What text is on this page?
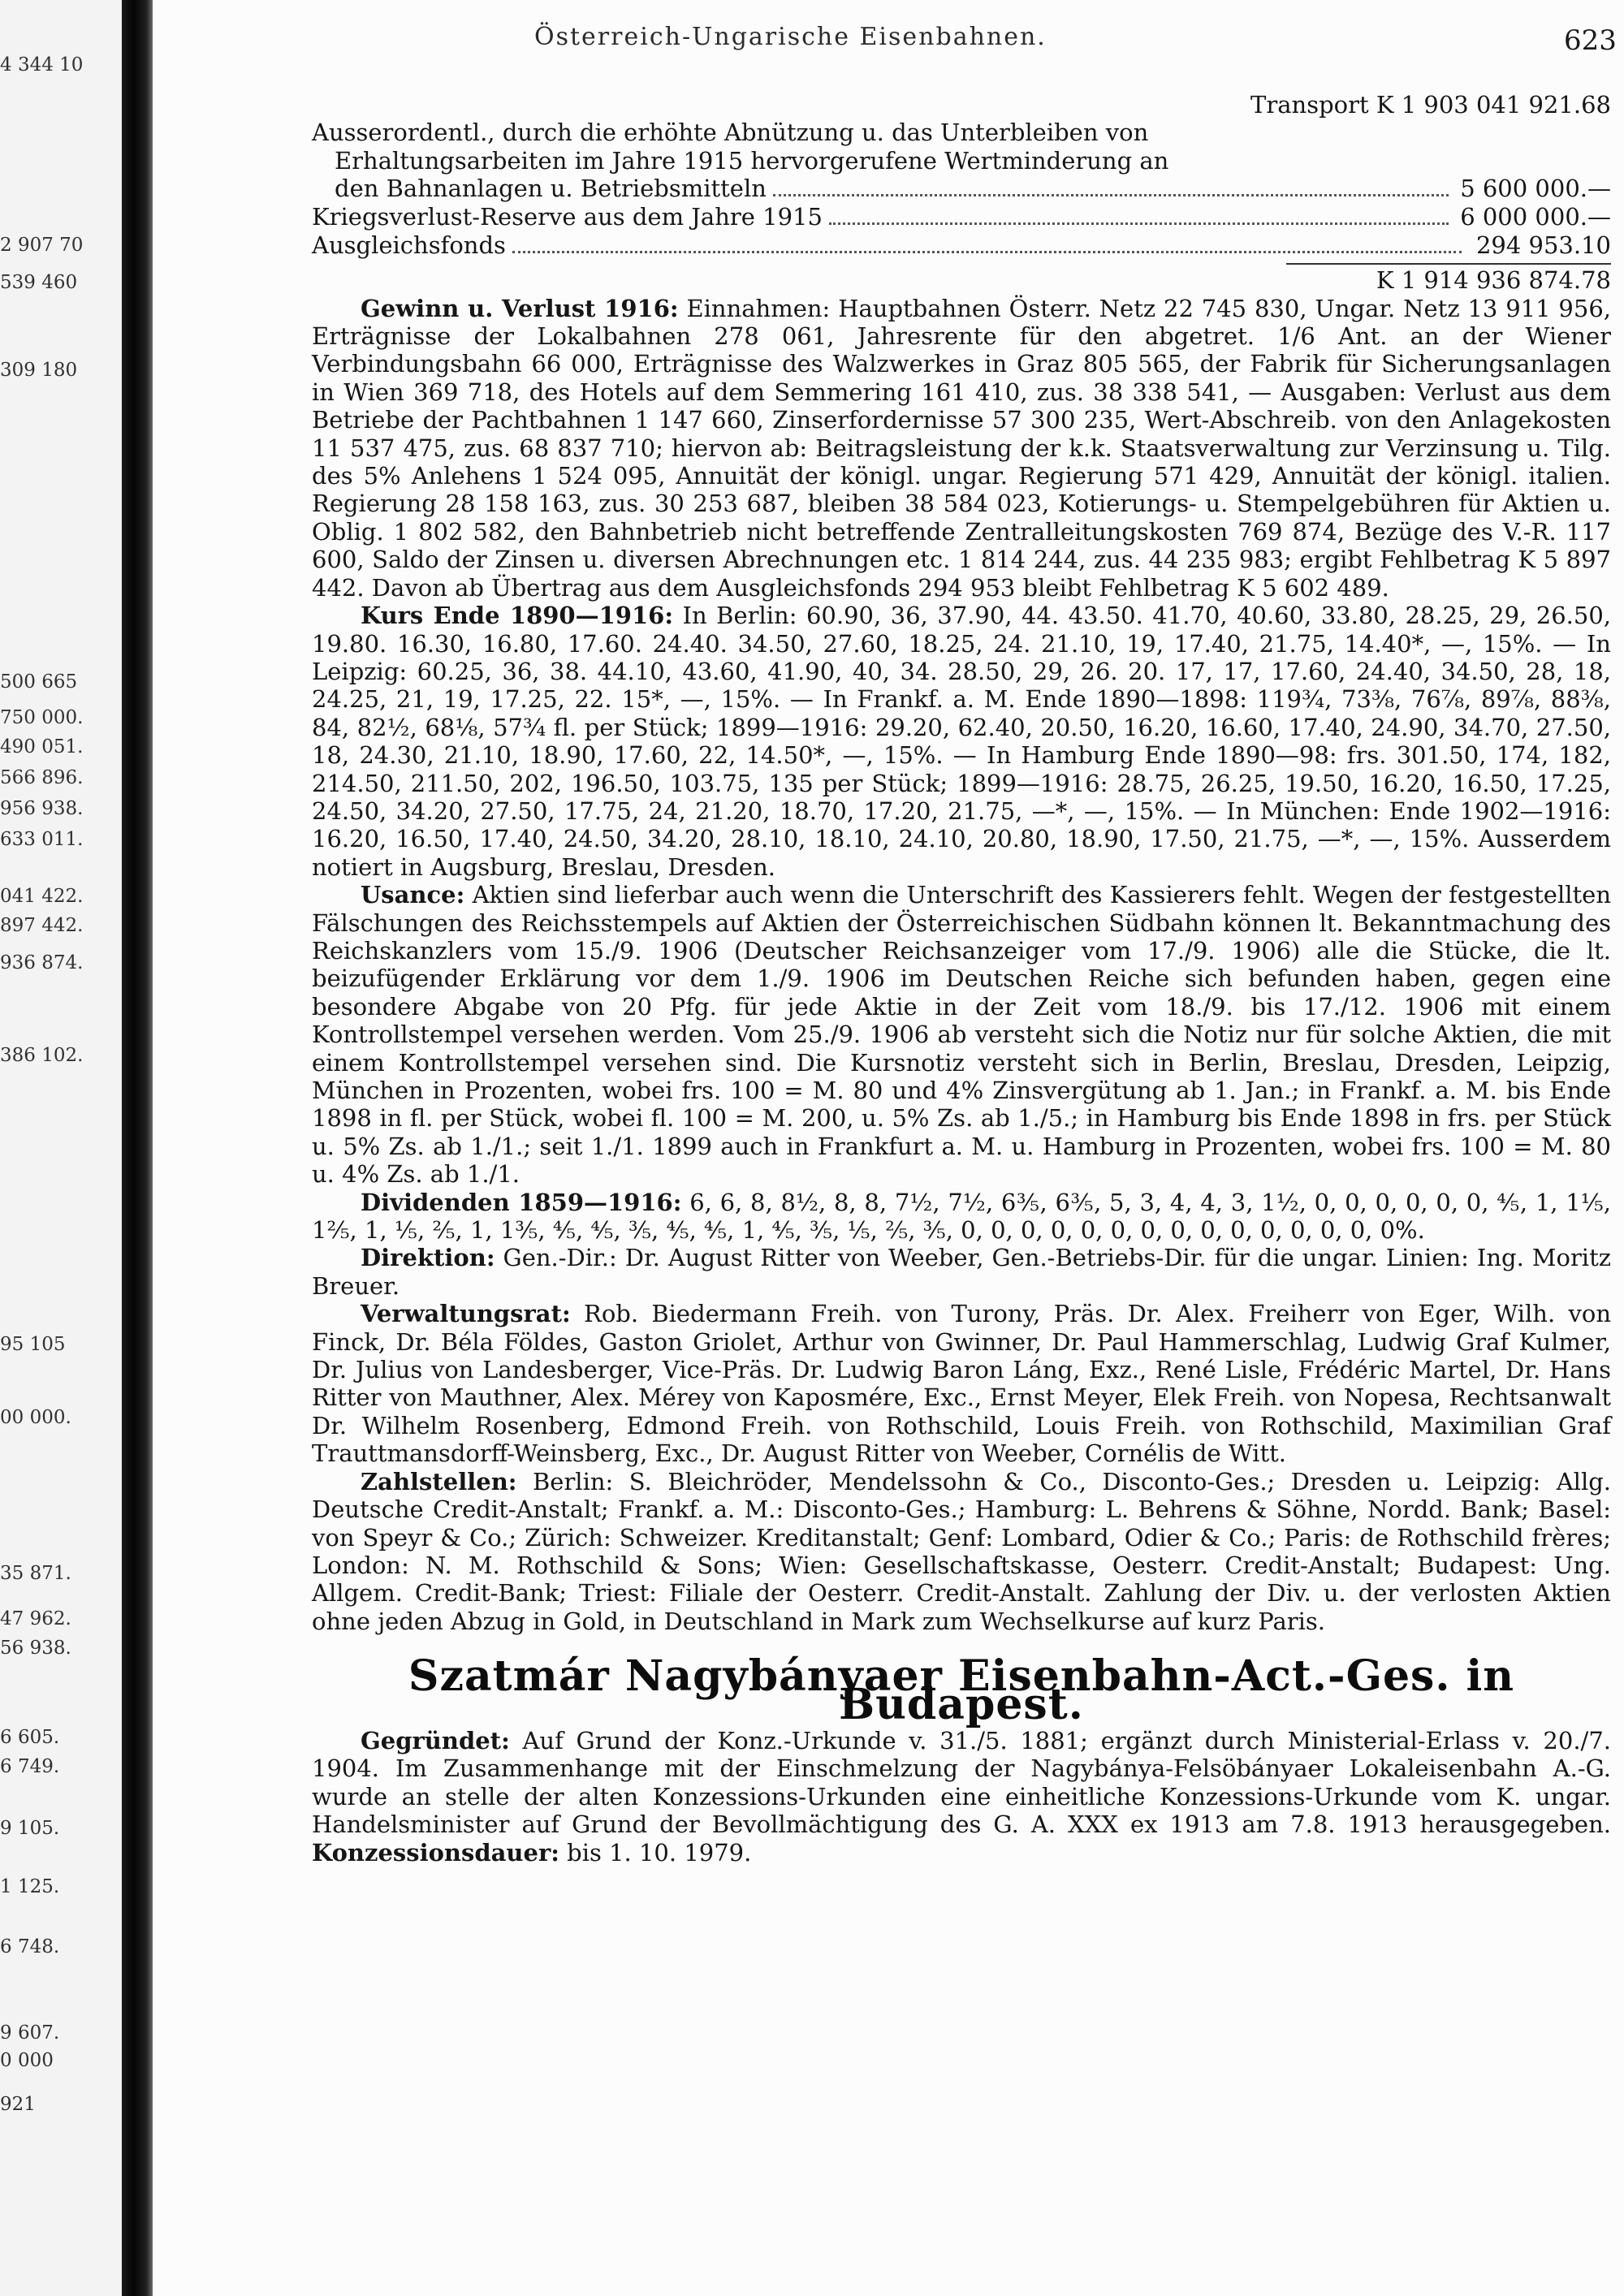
4 344 10
2 907 70
539 460
309 180
500 665
750 000.
490 051.
566 896.
956 938.
633 011.
041 422.
897 442.
936 874.
386 102.
95 105
00 000.
35 871.
47 962.
56 938.
6 605.
6 749.
9 105.
1 125.
6 748.
9 607.
0 000
921
Österreich-Ungarische Eisenbahnen.	623
Transport K 1 903 041 921.68
Ausserordentl., durch die erhöhte Abnützung u. das Unterbleiben von
Erhaltungsarbeiten im Jahre 1915 hervorgerufene Wertminderung an
den Bahnanlagen u. Betriebsmitteln	5 600 000.—
Kriegsverlust-Reserve aus dem Jahre 1915	6 000 000.—
Ausgleichsfonds	294 953.10
K 1 914 936 874.78

Gewinn u. Verlust 1916: Einnahmen: Hauptbahnen Österr. Netz 22 745 830, Ungar. Netz 13 911 956, Erträgnisse der Lokalbahnen 278 061, Jahresrente für den abgetret. 1/6 Ant. an der Wiener Verbindungsbahn 66 000, Erträgnisse des Walzwerkes in Graz 805 565, der Fabrik für Sicherungsanlagen in Wien 369 718, des Hotels auf dem Semmering 161 410, zus. 38 338 541, — Ausgaben: Verlust aus dem Betriebe der Pachtbahnen 1 147 660, Zinserfordernisse 57 300 235, Wert-Abschreib. von den Anlagekosten 11 537 475, zus. 68 837 710; hiervon ab: Beitragsleistung der k.k. Staatsverwaltung zur Verzinsung u. Tilg. des 5% Anlehens 1 524 095, Annuität der königl. ungar. Regierung 571 429, Annuität der königl. italien. Regierung 28 158 163, zus. 30 253 687, bleiben 38 584 023, Kotierungs- u. Stempelgebühren für Aktien u. Oblig. 1 802 582, den Bahnbetrieb nicht betreffende Zentralleitungskosten 769 874, Bezüge des V.-R. 117 600, Saldo der Zinsen u. diversen Abrechnungen etc. 1 814 244, zus. 44 235 983; ergibt Fehlbetrag K 5 897 442. Davon ab Übertrag aus dem Ausgleichsfonds 294 953 bleibt Fehlbetrag K 5 602 489.

Kurs Ende 1890—1916: In Berlin: 60.90, 36, 37.90, 44. 43.50. 41.70, 40.60, 33.80, 28.25, 29, 26.50, 19.80. 16.30, 16.80, 17.60. 24.40. 34.50, 27.60, 18.25, 24. 21.10, 19, 17.40, 21.75, 14.40*, —, 15%. — In Leipzig: 60.25, 36, 38. 44.10, 43.60, 41.90, 40, 34. 28.50, 29, 26. 20. 17, 17, 17.60, 24.40, 34.50, 28, 18, 24.25, 21, 19, 17.25, 22. 15*, —, 15%. — In Frankf. a. M. Ende 1890—1898: 119¾, 73⅜, 76⅞, 89⅞, 88⅜, 84, 82½, 68⅛, 57¾ fl. per Stück; 1899—1916: 29.20, 62.40, 20.50, 16.20, 16.60, 17.40, 24.90, 34.70, 27.50, 18, 24.30, 21.10, 18.90, 17.60, 22, 14.50*, —, 15%. — In Hamburg Ende 1890—98: frs. 301.50, 174, 182, 214.50, 211.50, 202, 196.50, 103.75, 135 per Stück; 1899—1916: 28.75, 26.25, 19.50, 16.20, 16.50, 17.25, 24.50, 34.20, 27.50, 17.75, 24, 21.20, 18.70, 17.20, 21.75, —*, —, 15%. — In München: Ende 1902—1916: 16.20, 16.50, 17.40, 24.50, 34.20, 28.10, 18.10, 24.10, 20.80, 18.90, 17.50, 21.75, —*, —, 15%. Ausserdem notiert in Augsburg, Breslau, Dresden.

Usance: Aktien sind lieferbar auch wenn die Unterschrift des Kassierers fehlt. Wegen der festgestellten Fälschungen des Reichsstempels auf Aktien der Österreichischen Südbahn können lt. Bekanntmachung des Reichskanzlers vom 15./9. 1906 (Deutscher Reichsanzeiger vom 17./9. 1906) alle die Stücke, die lt. beizufügender Erklärung vor dem 1./9. 1906 im Deutschen Reiche sich befunden haben, gegen eine besondere Abgabe von 20 Pfg. für jede Aktie in der Zeit vom 18./9. bis 17./12. 1906 mit einem Kontrollstempel versehen werden. Vom 25./9. 1906 ab versteht sich die Notiz nur für solche Aktien, die mit einem Kontrollstempel versehen sind. Die Kursnotiz versteht sich in Berlin, Breslau, Dresden, Leipzig, München in Prozenten, wobei frs. 100 = M. 80 und 4% Zinsvergütung ab 1. Jan.; in Frankf. a. M. bis Ende 1898 in fl. per Stück, wobei fl. 100 = M. 200, u. 5% Zs. ab 1./5.; in Hamburg bis Ende 1898 in frs. per Stück u. 5% Zs. ab 1./1.; seit 1./1. 1899 auch in Frankfurt a. M. u. Hamburg in Prozenten, wobei frs. 100 = M. 80 u. 4% Zs. ab 1./1.

Dividenden 1859—1916: 6, 6, 8, 8½, 8, 8, 7½, 7½, 6⅗, 6⅗, 5, 3, 4, 4, 3, 1½, 0, 0, 0, 0, 0, 0, ⅘, 1, 1⅕, 1⅖, 1, ⅕, ⅖, 1, 1⅗, ⅘, ⅘, ⅗, ⅘, ⅘, 1, ⅘, ⅗, ⅕, ⅖, ⅗, 0, 0, 0, 0, 0, 0, 0, 0, 0, 0, 0, 0, 0, 0, 0%.

Direktion: Gen.-Dir.: Dr. August Ritter von Weeber, Gen.-Betriebs-Dir. für die ungar. Linien: Ing. Moritz Breuer.

Verwaltungsrat: Rob. Biedermann Freih. von Turony, Präs. Dr. Alex. Freiherr von Eger, Wilh. von Finck, Dr. Béla Földes, Gaston Griolet, Arthur von Gwinner, Dr. Paul Hammerschlag, Ludwig Graf Kulmer, Dr. Julius von Landesberger, Vice-Präs. Dr. Ludwig Baron Láng, Exz., René Lisle, Frédéric Martel, Dr. Hans Ritter von Mauthner, Alex. Mérey von Kaposmére, Exc., Ernst Meyer, Elek Freih. von Nopesa, Rechtsanwalt Dr. Wilhelm Rosenberg, Edmond Freih. von Rothschild, Louis Freih. von Rothschild, Maximilian Graf Trauttmansdorff-Weinsberg, Exc., Dr. August Ritter von Weeber, Cornélis de Witt.

Zahlstellen: Berlin: S. Bleichröder, Mendelssohn & Co., Disconto-Ges.; Dresden u. Leipzig: Allg. Deutsche Credit-Anstalt; Frankf. a. M.: Disconto-Ges.; Hamburg: L. Behrens & Söhne, Nordd. Bank; Basel: von Speyr & Co.; Zürich: Schweizer. Kreditanstalt; Genf: Lombard, Odier & Co.; Paris: de Rothschild frères; London: N. M. Rothschild & Sons; Wien: Gesellschaftskasse, Oesterr. Credit-Anstalt; Budapest: Ung. Allgem. Credit-Bank; Triest: Filiale der Oesterr. Credit-Anstalt. Zahlung der Div. u. der verlosten Aktien ohne jeden Abzug in Gold, in Deutschland in Mark zum Wechselkurse auf kurz Paris.

Szatmár Nagybányaer Eisenbahn-Act.-Ges. in Budapest.

Gegründet: Auf Grund der Konz.-Urkunde v. 31./5. 1881; ergänzt durch Ministerial-Erlass v. 20./7. 1904. Im Zusammenhange mit der Einschmelzung der Nagybánya-Felsöbányaer Lokaleisenbahn A.-G. wurde an stelle der alten Konzessions-Urkunden eine einheitliche Konzessions-Urkunde vom K. ungar. Handelsminister auf Grund der Bevollmächtigung des G. A. XXX ex 1913 am 7.8. 1913 herausgegeben. Konzessionsdauer: bis 1. 10. 1979.
